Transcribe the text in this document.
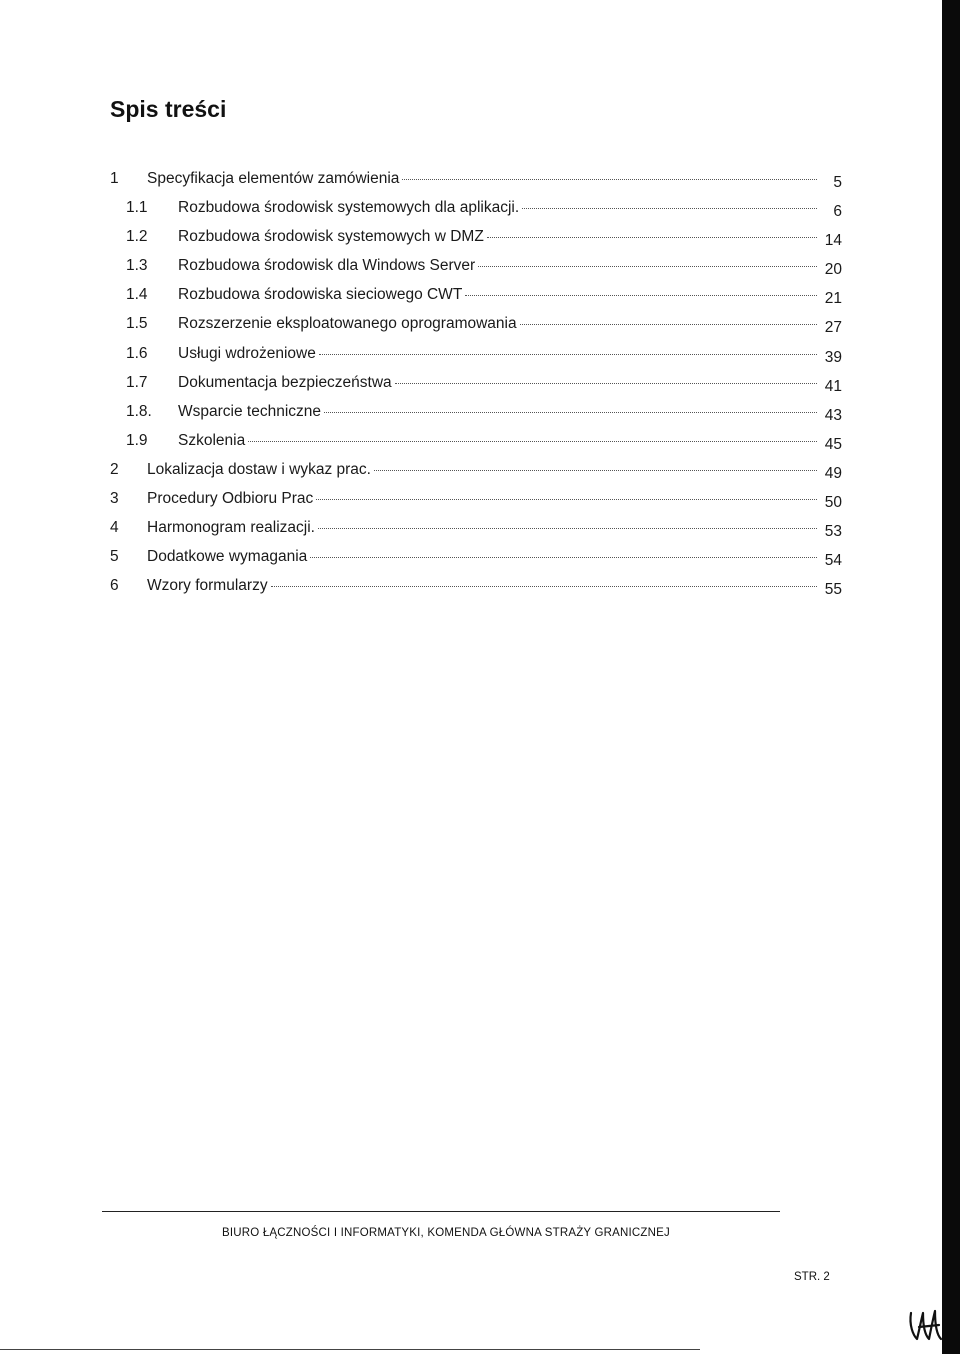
Spis treści
1	Specyfikacja elementów zamówienia	5
1.1	Rozbudowa środowisk systemowych dla aplikacji.	6
1.2	Rozbudowa środowisk systemowych w DMZ	14
1.3	Rozbudowa środowisk dla Windows Server	20
1.4	Rozbudowa środowiska sieciowego CWT	21
1.5	Rozszerzenie eksploatowanego oprogramowania	27
1.6	Usługi wdrożeniowe	39
1.7	Dokumentacja bezpieczeństwa	41
1.8.	Wsparcie techniczne	43
1.9	Szkolenia	45
2	Lokalizacja dostaw i wykaz prac.	49
3	Procedury Odbioru Prac	50
4	Harmonogram realizacji.	53
5	Dodatkowe wymagania	54
6	Wzory formularzy	55
BIURO ŁĄCZNOŚCI I INFORMATYKI, KOMENDA GŁÓWNA STRAŻY GRANICZNEJ
STR. 2
